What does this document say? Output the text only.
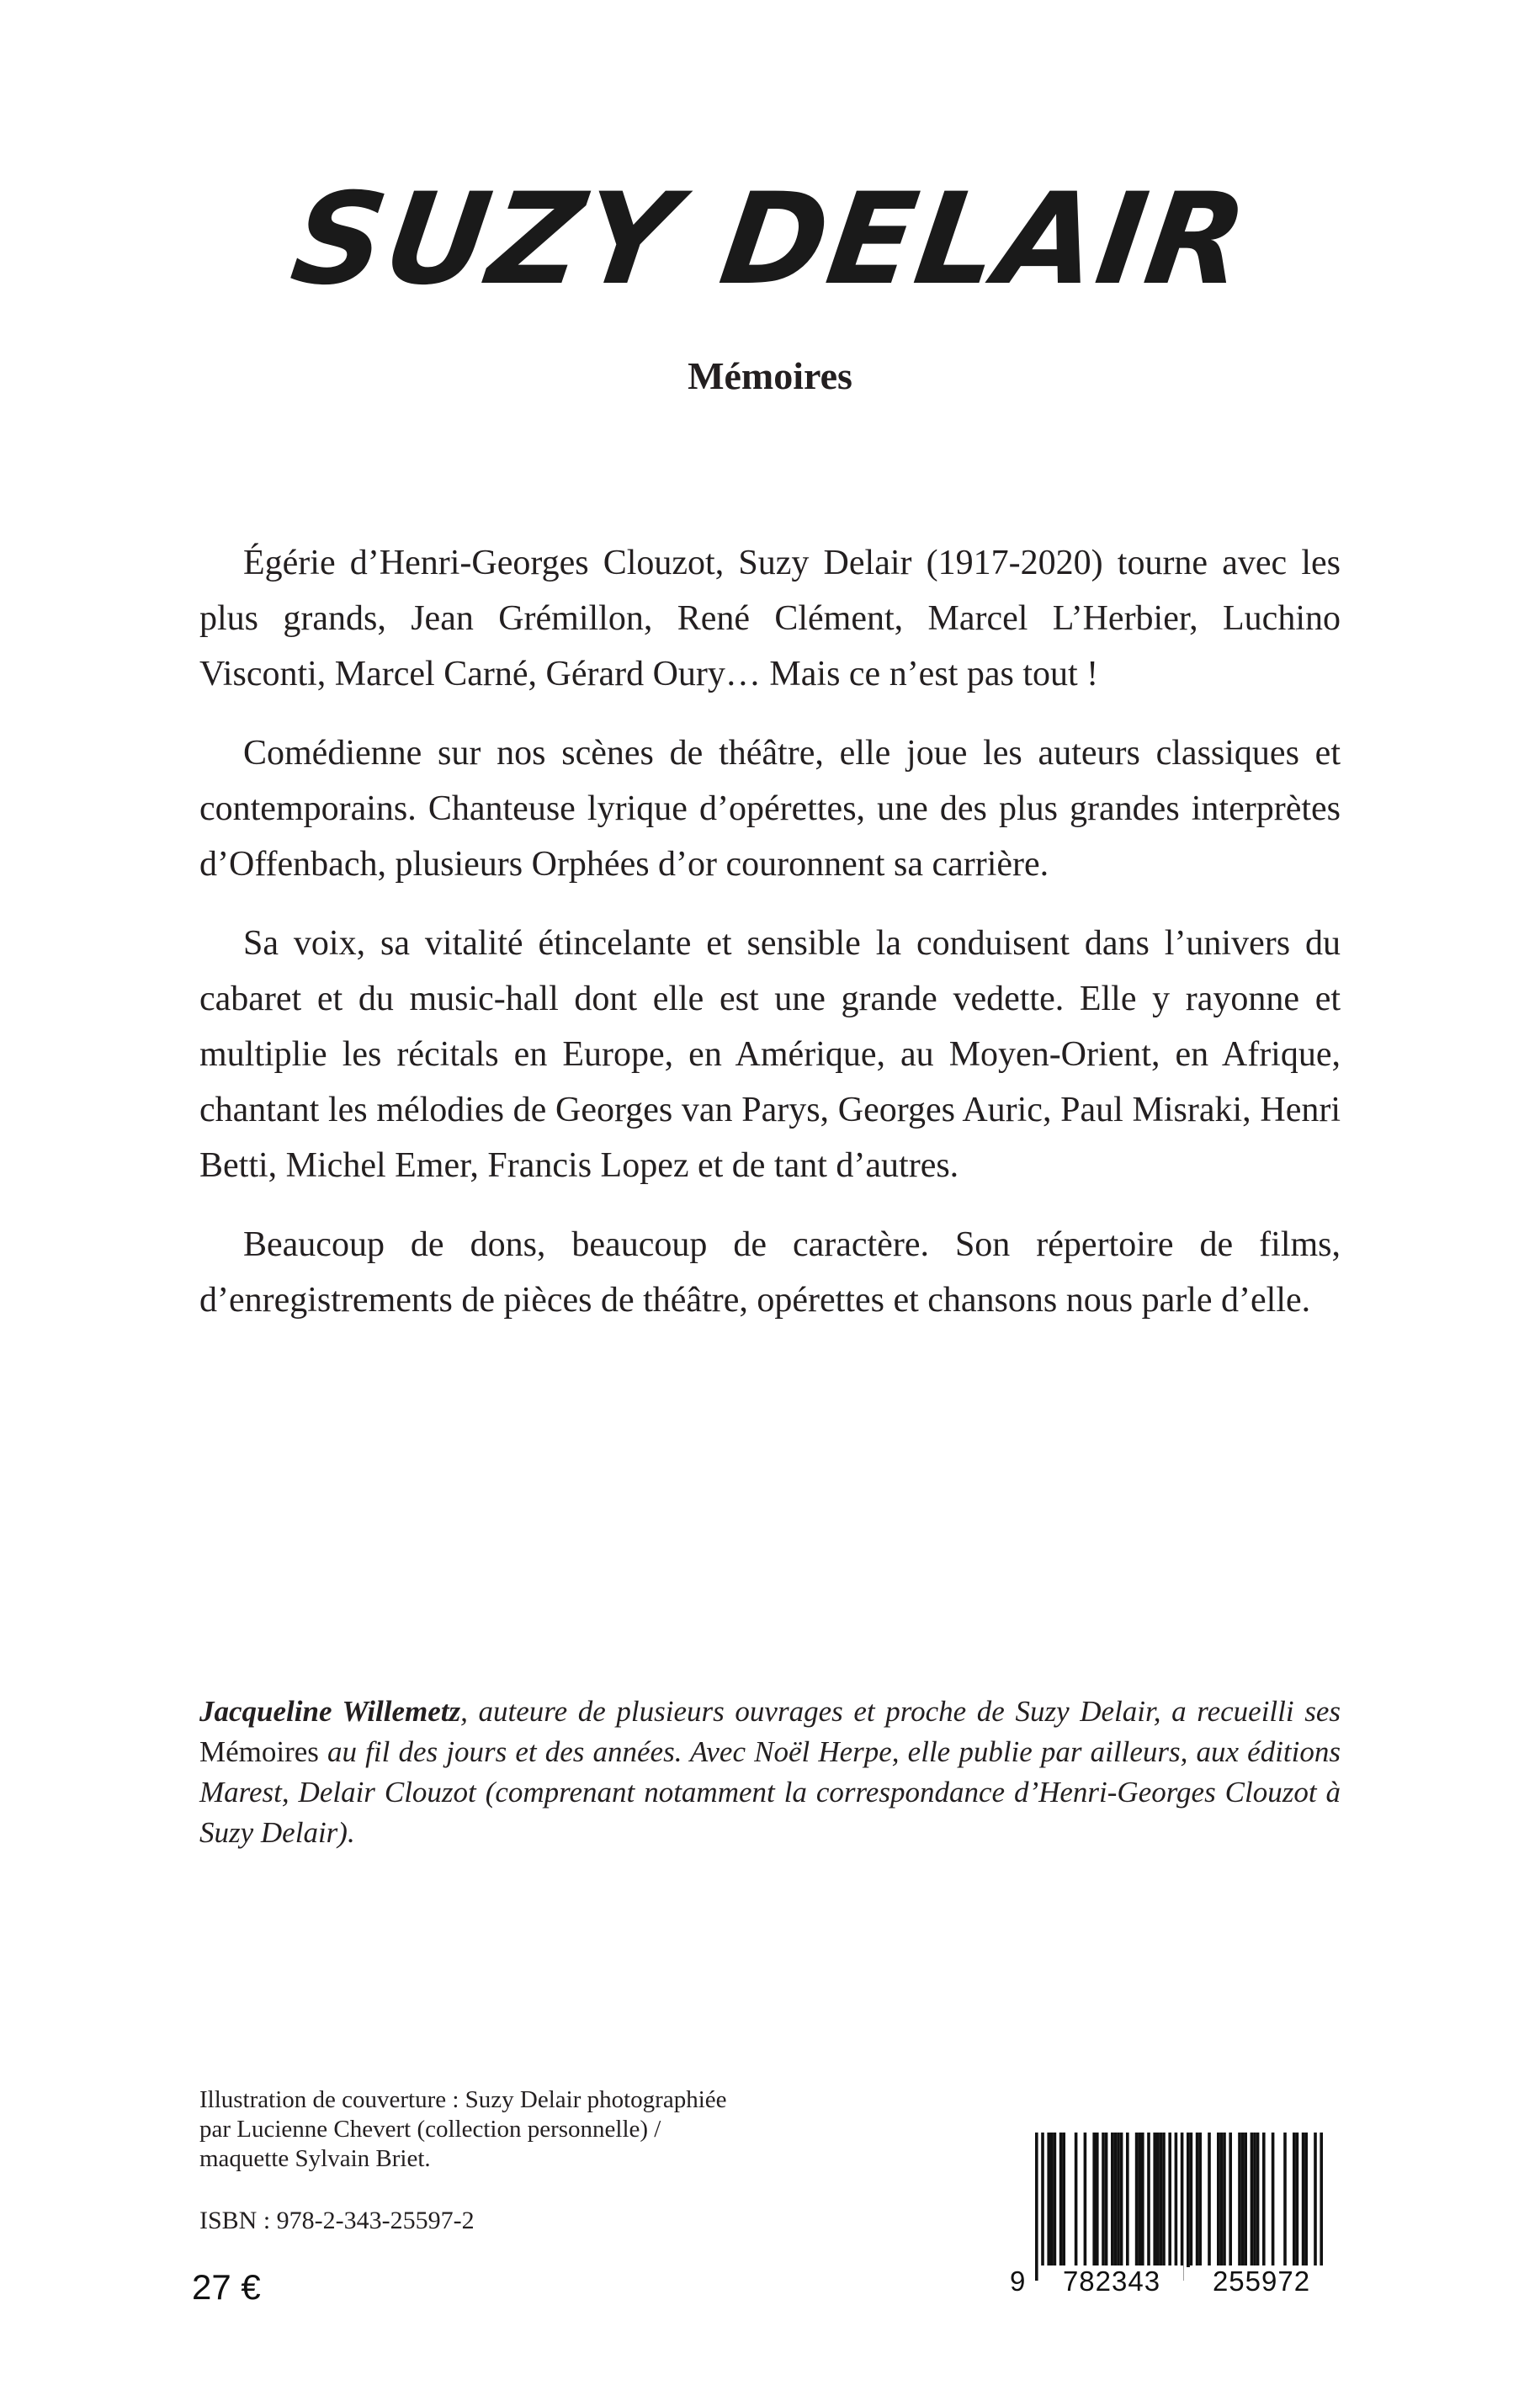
SUZY DELAIR
Mémoires

Égérie d’Henri-Georges Clouzot, Suzy Delair (1917-2020) tourne avec les plus grands, Jean Grémillon, René Clément, Marcel L’Herbier, Luchino Visconti, Marcel Carné, Gérard Oury… Mais ce n’est pas tout !

Comédienne sur nos scènes de théâtre, elle joue les auteurs classiques et contemporains. Chanteuse lyrique d’opérettes, une des plus grandes interprètes d’Offenbach, plusieurs Orphées d’or couronnent sa carrière.

Sa voix, sa vitalité étincelante et sensible la conduisent dans l’univers du cabaret et du music-hall dont elle est une grande vedette. Elle y rayonne et multiplie les récitals en Europe, en Amérique, au Moyen-Orient, en Afrique, chantant les mélodies de Georges van Parys, Georges Auric, Paul Misraki, Henri Betti, Michel Emer, Francis Lopez et de tant d’autres.

Beaucoup de dons, beaucoup de caractère. Son répertoire de films, d’enregistrements de pièces de théâtre, opérettes et chansons nous parle d’elle.

Jacqueline Willemetz, auteure de plusieurs ouvrages et proche de Suzy Delair, a recueilli ses Mémoires au fil des jours et des années. Avec Noël Herpe, elle publie par ailleurs, aux éditions Marest, Delair Clouzot (comprenant notamment la correspondance d’Henri-Georges Clouzot à Suzy Delair).
Illustration de couverture : Suzy Delair photographiée
par Lucienne Chevert (collection personnelle) /
maquette Sylvain Briet.
ISBN : 978-2-343-25597-2
27 €	9	782343	255972
